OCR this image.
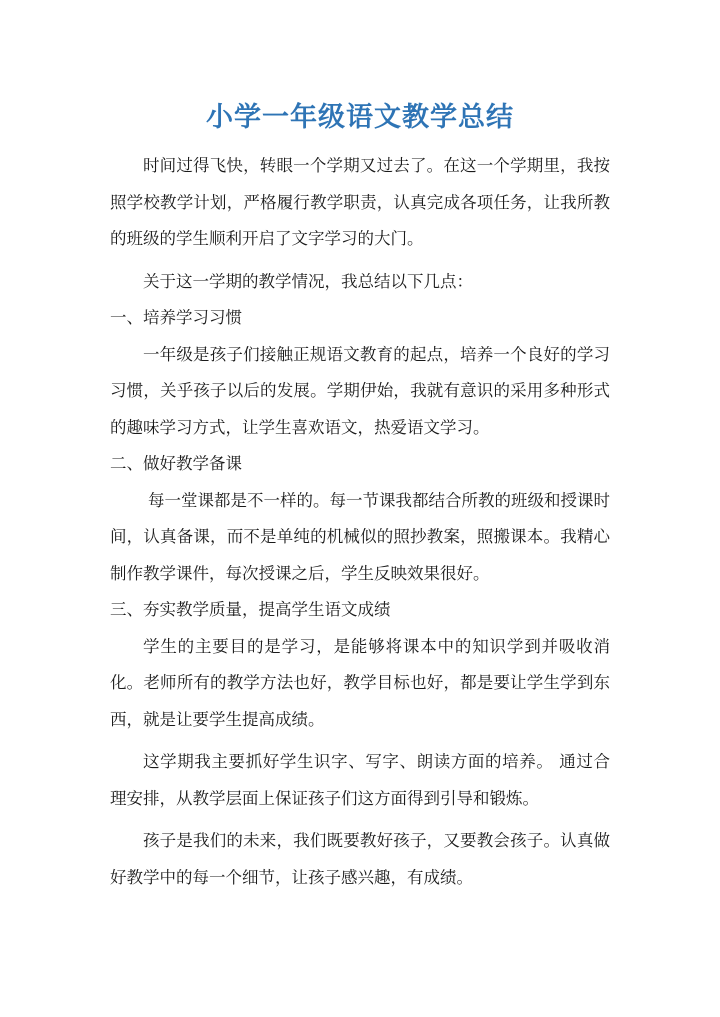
小学一年级语文教学总结

时间过得飞快，转眼一个学期又过去了。在这一个学期里，我按照学校教学计划，严格履行教学职责，认真完成各项任务，让我所教的班级的学生顺利开启了文字学习的大门。

关于这一学期的教学情况，我总结以下几点：

一、培养学习习惯

一年级是孩子们接触正规语文教育的起点，培养一个良好的学习习惯，关乎孩子以后的发展。学期伊始，我就有意识的采用多种形式的趣味学习方式，让学生喜欢语文，热爱语文学习。

二、做好教学备课

每一堂课都是不一样的。每一节课我都结合所教的班级和授课时间，认真备课，而不是单纯的机械似的照抄教案，照搬课本。我精心制作教学课件，每次授课之后，学生反映效果很好。

三、夯实教学质量，提高学生语文成绩

学生的主要目的是学习，是能够将课本中的知识学到并吸收消化。老师所有的教学方法也好，教学目标也好，都是要让学生学到东西，就是让要学生提高成绩。

这学期我主要抓好学生识字、写字、朗读方面的培养。 通过合理安排，从教学层面上保证孩子们这方面得到引导和锻炼。

孩子是我们的未来，我们既要教好孩子，又要教会孩子。认真做好教学中的每一个细节，让孩子感兴趣，有成绩。
